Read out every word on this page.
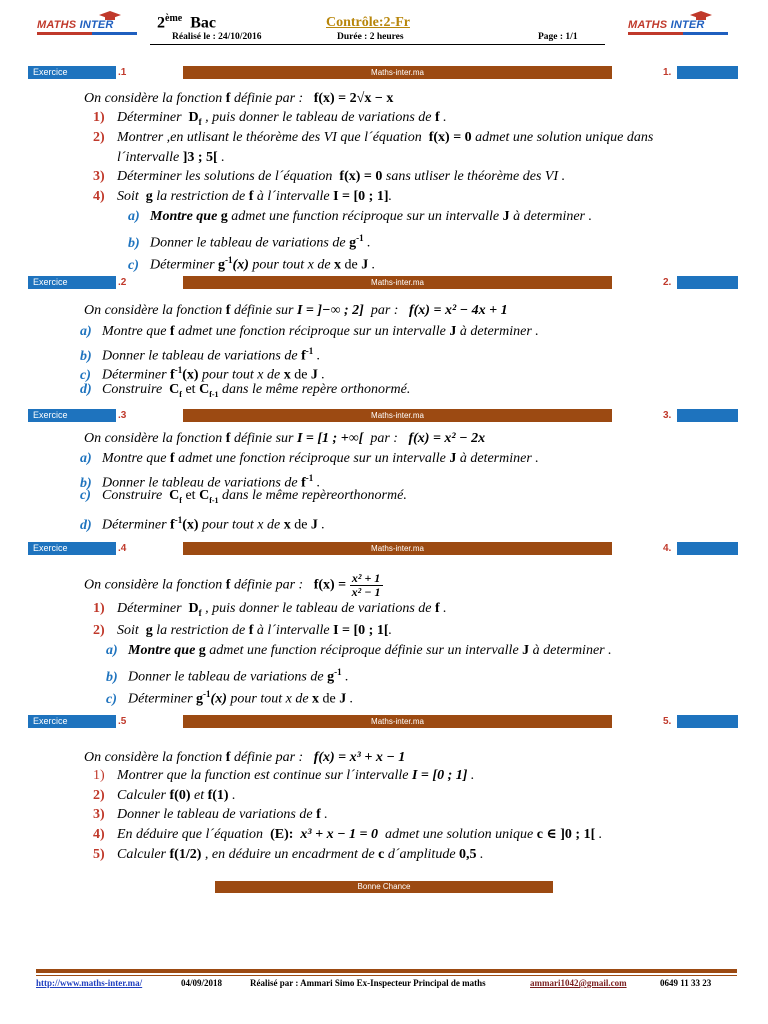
MATHS INTER	MATHS INTER
2ème Bac	Contrôle:2-Fr
Réalisé le : 24/10/2016	Durée : 2 heures	Page : 1/1
Exercice	.1	Maths-inter.ma	1.
Exercice	.2	Maths-inter.ma	2.
Exercice	.3	Maths-inter.ma	3.
Exercice	.4	Maths-inter.ma	4.
Exercice	.5	Maths-inter.ma	5.
On considère la fonction f définie par : f(x) = 2√x − x
1) Déterminer $D_f$ , puis donner le tableau de variations de f .
2) Montrer ,en utlisant le théorème des VI que l´équation f(x) = 0 admet une solution unique dans
l´intervalle ]3 ; 5[ .
3) Déterminer les solutions de l´équation f(x) = 0 sans utliser le théorème des VI .
4) Soit g la restriction de f à l´intervalle I = [0 ; 1].
a) Montre que g admet une function réciproque sur un intervalle J à determiner .
b) Donner le tableau de variations de $g^{-1}$ .
c) Déterminer $g^{-1}(x)$ pour tout x de x de J .
On considère la fonction f définie sur I = ]−∞ ; 2] par : f(x) = x² − 4x + 1
a) Montre que f admet une fonction réciproque sur un intervalle J à determiner .
b) Donner le tableau de variations de $f^{-1}$ .
c) Déterminer $f^{-1}(x)$ pour tout x de x de J .
d) Construire $C_f$ et $C_{f-1}$ dans le même repère orthonormé.
On considère la fonction f définie sur I = [1 ; +∞[ par : f(x) = x² − 2x
a) Montre que f admet une fonction réciproque sur un intervalle J à determiner .
b) Donner le tableau de variations de $f^{-1}$ .
c) Construire $C_f$ et $C_{f-1}$ dans le même repèreorthonormé.
d) Déterminer $f^{-1}(x)$ pour tout x de x de J .
On considère la fonction f définie par : $f(x) = \frac{\text{x² + 1}}{\text{x² − 1}}$
1) Déterminer $D_f$ , puis donner le tableau de variations de f .
2) Soit g la restriction de f à l´intervalle I = [0 ; 1[.
a) Montre que g admet une function réciproque définie sur un intervalle J à determiner .
b) Donner le tableau de variations de $g^{-1}$ .
c) Déterminer $g^{-1}(x)$ pour tout x de x de J .
On considère la fonction f définie par : f(x) = x³ + x − 1
1) Montrer que la function est continue sur l´intervalle I = [0 ; 1] .
2) Calculer f(0) et f(1) .
3) Donner le tableau de variations de f .
4) En déduire que l´équation (E): x³ + x − 1 = 0 admet une solution unique c ∈ ]0 ; 1[ .
5) Calculer f(1/2) , en déduire un encadrment de c d´amplitude 0,5 .
Bonne Chance
http://www.maths-inter.ma/	04/09/2018	Réalisé par : Ammari Simo Ex-Inspecteur Principal de maths	ammari1042@gmail.com	0649 11 33 23
